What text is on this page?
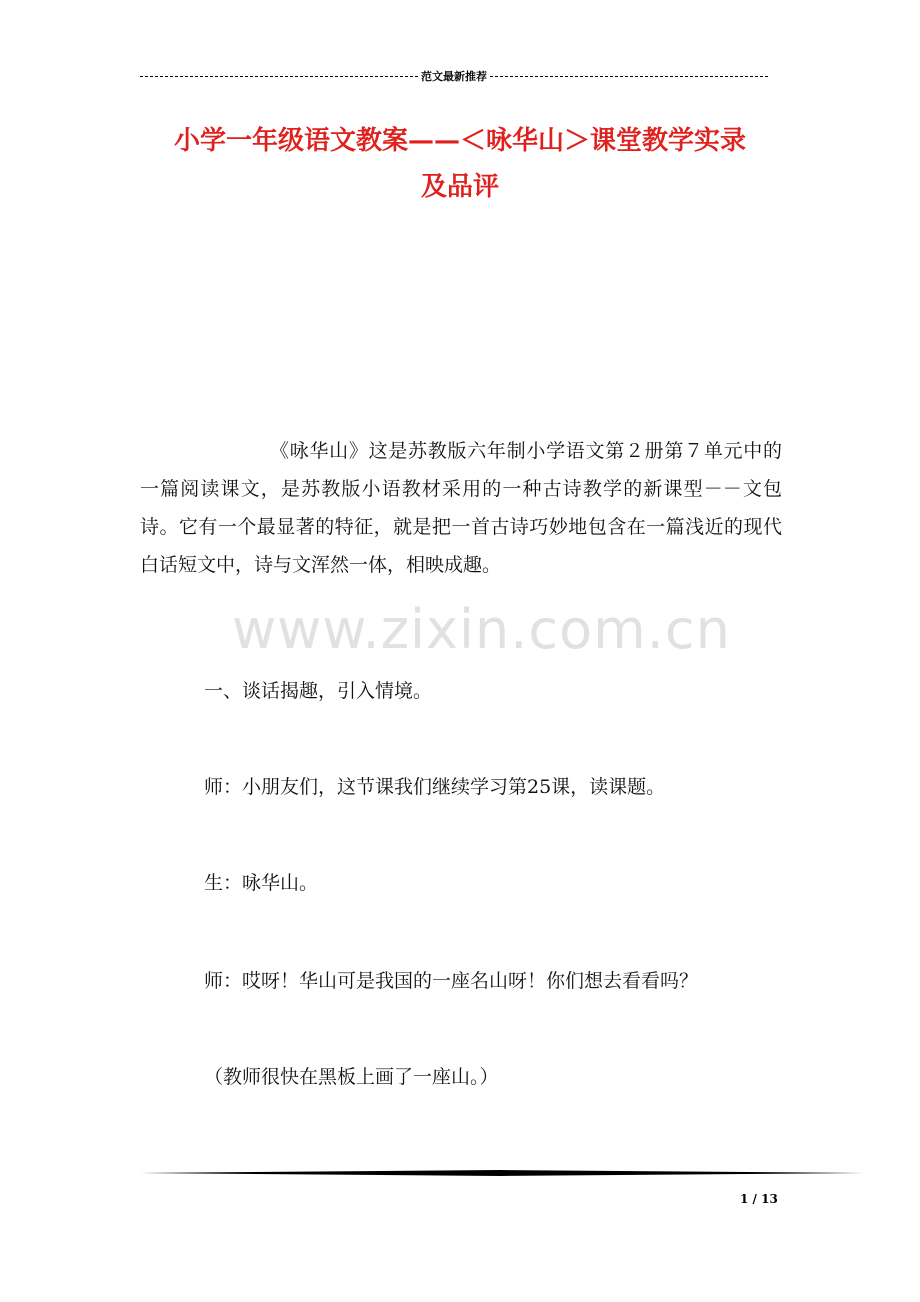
范文最新推荐
小学一年级语文教案——＜咏华山＞课堂教学实录
及品评
《咏华山》这是苏教版六年制小学语文第２册第７单元中的一篇阅读课文，是苏教版小语教材采用的一种古诗教学的新课型－－文包诗。它有一个最显著的特征，就是把一首古诗巧妙地包含在一篇浅近的现代白话短文中，诗与文浑然一体，相映成趣。
www.zixin.com.cn
一、谈话揭趣，引入情境。
师：小朋友们，这节课我们继续学习第25课，读课题。
生：咏华山。
师：哎呀！华山可是我国的一座名山呀！你们想去看看吗？
（教师很快在黑板上画了一座山。）
1 / 13
